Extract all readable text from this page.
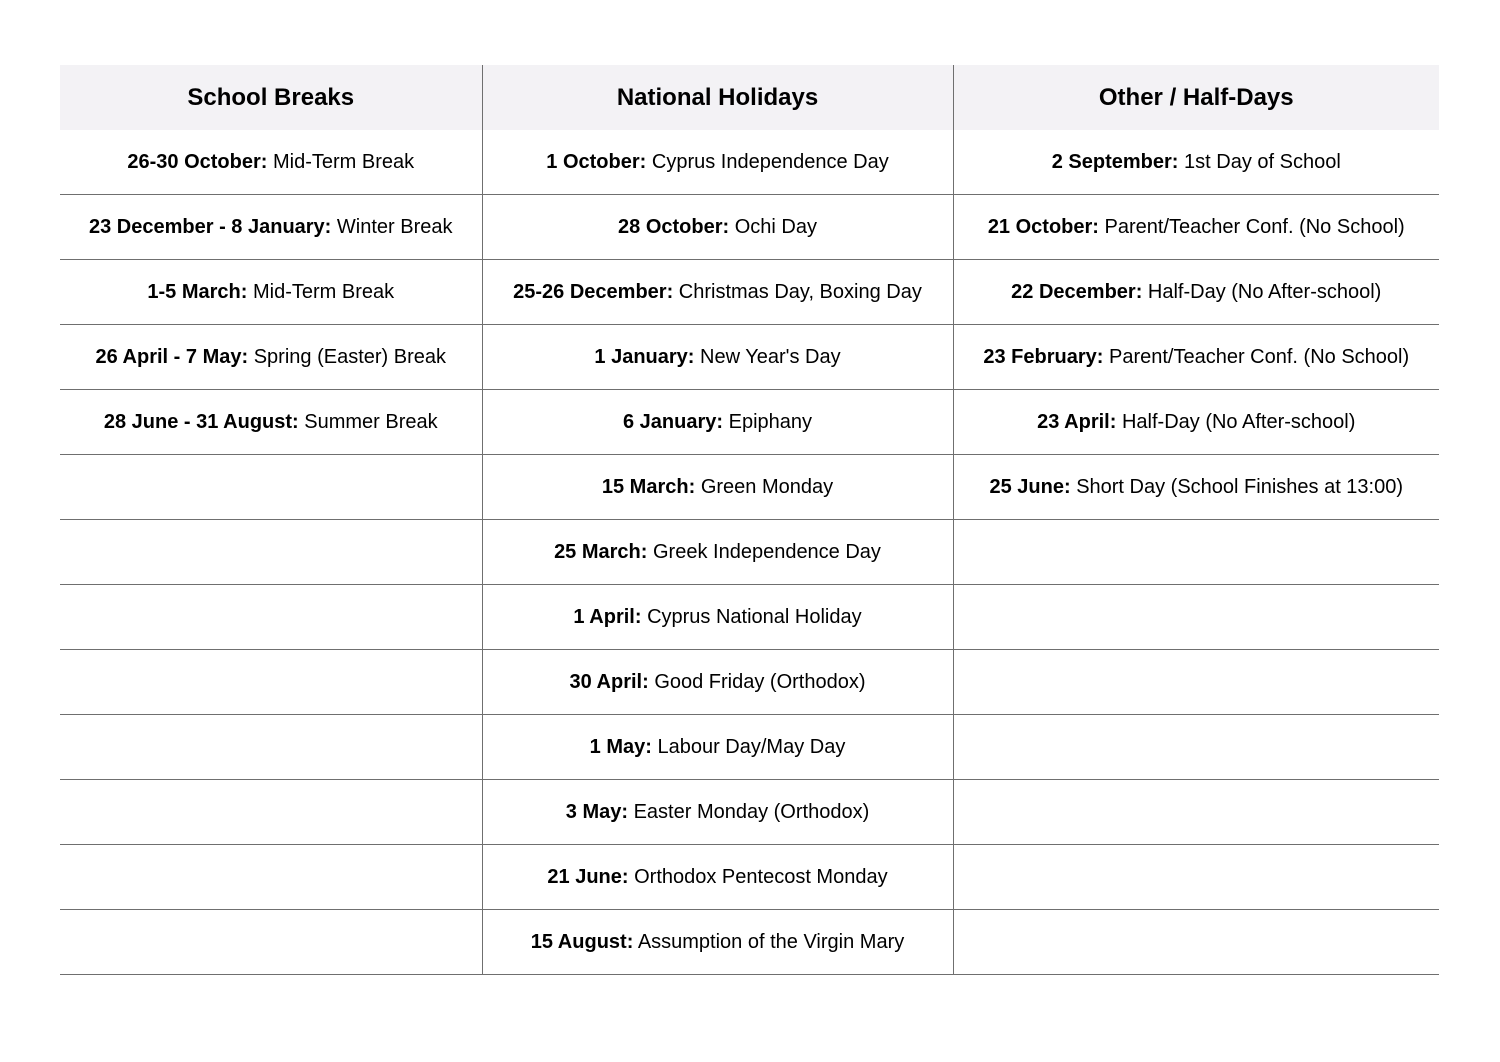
School Breaks	National Holidays	Other / Half-Days
26-30 October: Mid-Term Break	1 October: Cyprus Independence Day	2 September: 1st Day of School
23 December - 8 January: Winter Break	28 October: Ochi Day	21 October: Parent/Teacher Conf. (No School)
1-5 March: Mid-Term Break	25-26 December: Christmas Day, Boxing Day	22 December: Half-Day (No After-school)
26 April - 7 May: Spring (Easter) Break	1 January: New Year's Day	23 February: Parent/Teacher Conf. (No School)
28 June - 31 August: Summer Break	6 January: Epiphany	23 April: Half-Day (No After-school)
	15 March: Green Monday	25 June: Short Day (School Finishes at 13:00)
	25 March: Greek Independence Day	
	1 April: Cyprus National Holiday	
	30 April: Good Friday (Orthodox)	
	1 May: Labour Day/May Day	
	3 May: Easter Monday (Orthodox)	
	21 June: Orthodox Pentecost Monday	
	15 August: Assumption of the Virgin Mary	
